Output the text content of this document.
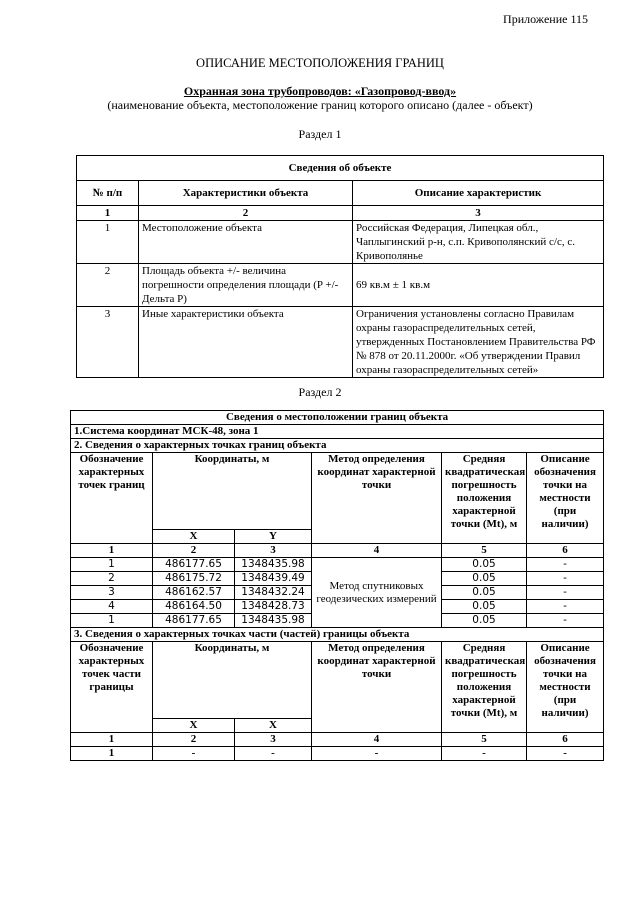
Приложение 115
ОПИСАНИЕ МЕСТОПОЛОЖЕНИЯ ГРАНИЦ
Охранная зона трубопроводов: «Газопровод-ввод»
(наименование объекта, местоположение границ которого описано (далее - объект)
Раздел 1
Сведения об объекте		
№ п/п	Характеристики объекта	Описание характеристик
1	2	3
1	Местоположение объекта	Российская Федерация, Липецкая обл., Чаплыгинский р-н, с.п. Кривополянский с/с, с. Кривополянье
2	Площадь объекта +/- величина погрешности определения площади (P +/- Дельта P)	69 кв.м ± 1 кв.м
3	Иные характеристики объекта	Ограничения установлены согласно Правилам охраны газораспределительных сетей, утвержденных Постановлением Правительства РФ № 878 от 20.11.2000г. «Об утверждении Правил охраны газораспределительных сетей»
Раздел 2
Сведения о местоположении границ объекта					
1.Система координат МСК-48, зона 1					
2. Сведения о характерных точках границ объекта					
Обозначение характерных точек границ	Координаты, м		Метод определения координат характерной точки	Средняя квадратическая погрешность положения характерной точки (Mt), м	Описание обозначения точки на местности (при наличии)
	X	Y			
1	2	3	4	5	6
1	486177.65	1348435.98	Метод спутниковых геодезических измерений	0.05	-
2	486175.72	1348439.49		0.05	-
3	486162.57	1348432.24		0.05	-
4	486164.50	1348428.73		0.05	-
1	486177.65	1348435.98		0.05	-
3. Сведения о характерных точках части (частей) границы объекта					
Обозначение характерных точек части границы	Координаты, м		Метод определения координат характерной точки	Средняя квадратическая погрешность положения характерной точки (Mt), м	Описание обозначения точки на местности (при наличии)
	X	X			
1	2	3	4	5	6
1	-	-	-	-	-
